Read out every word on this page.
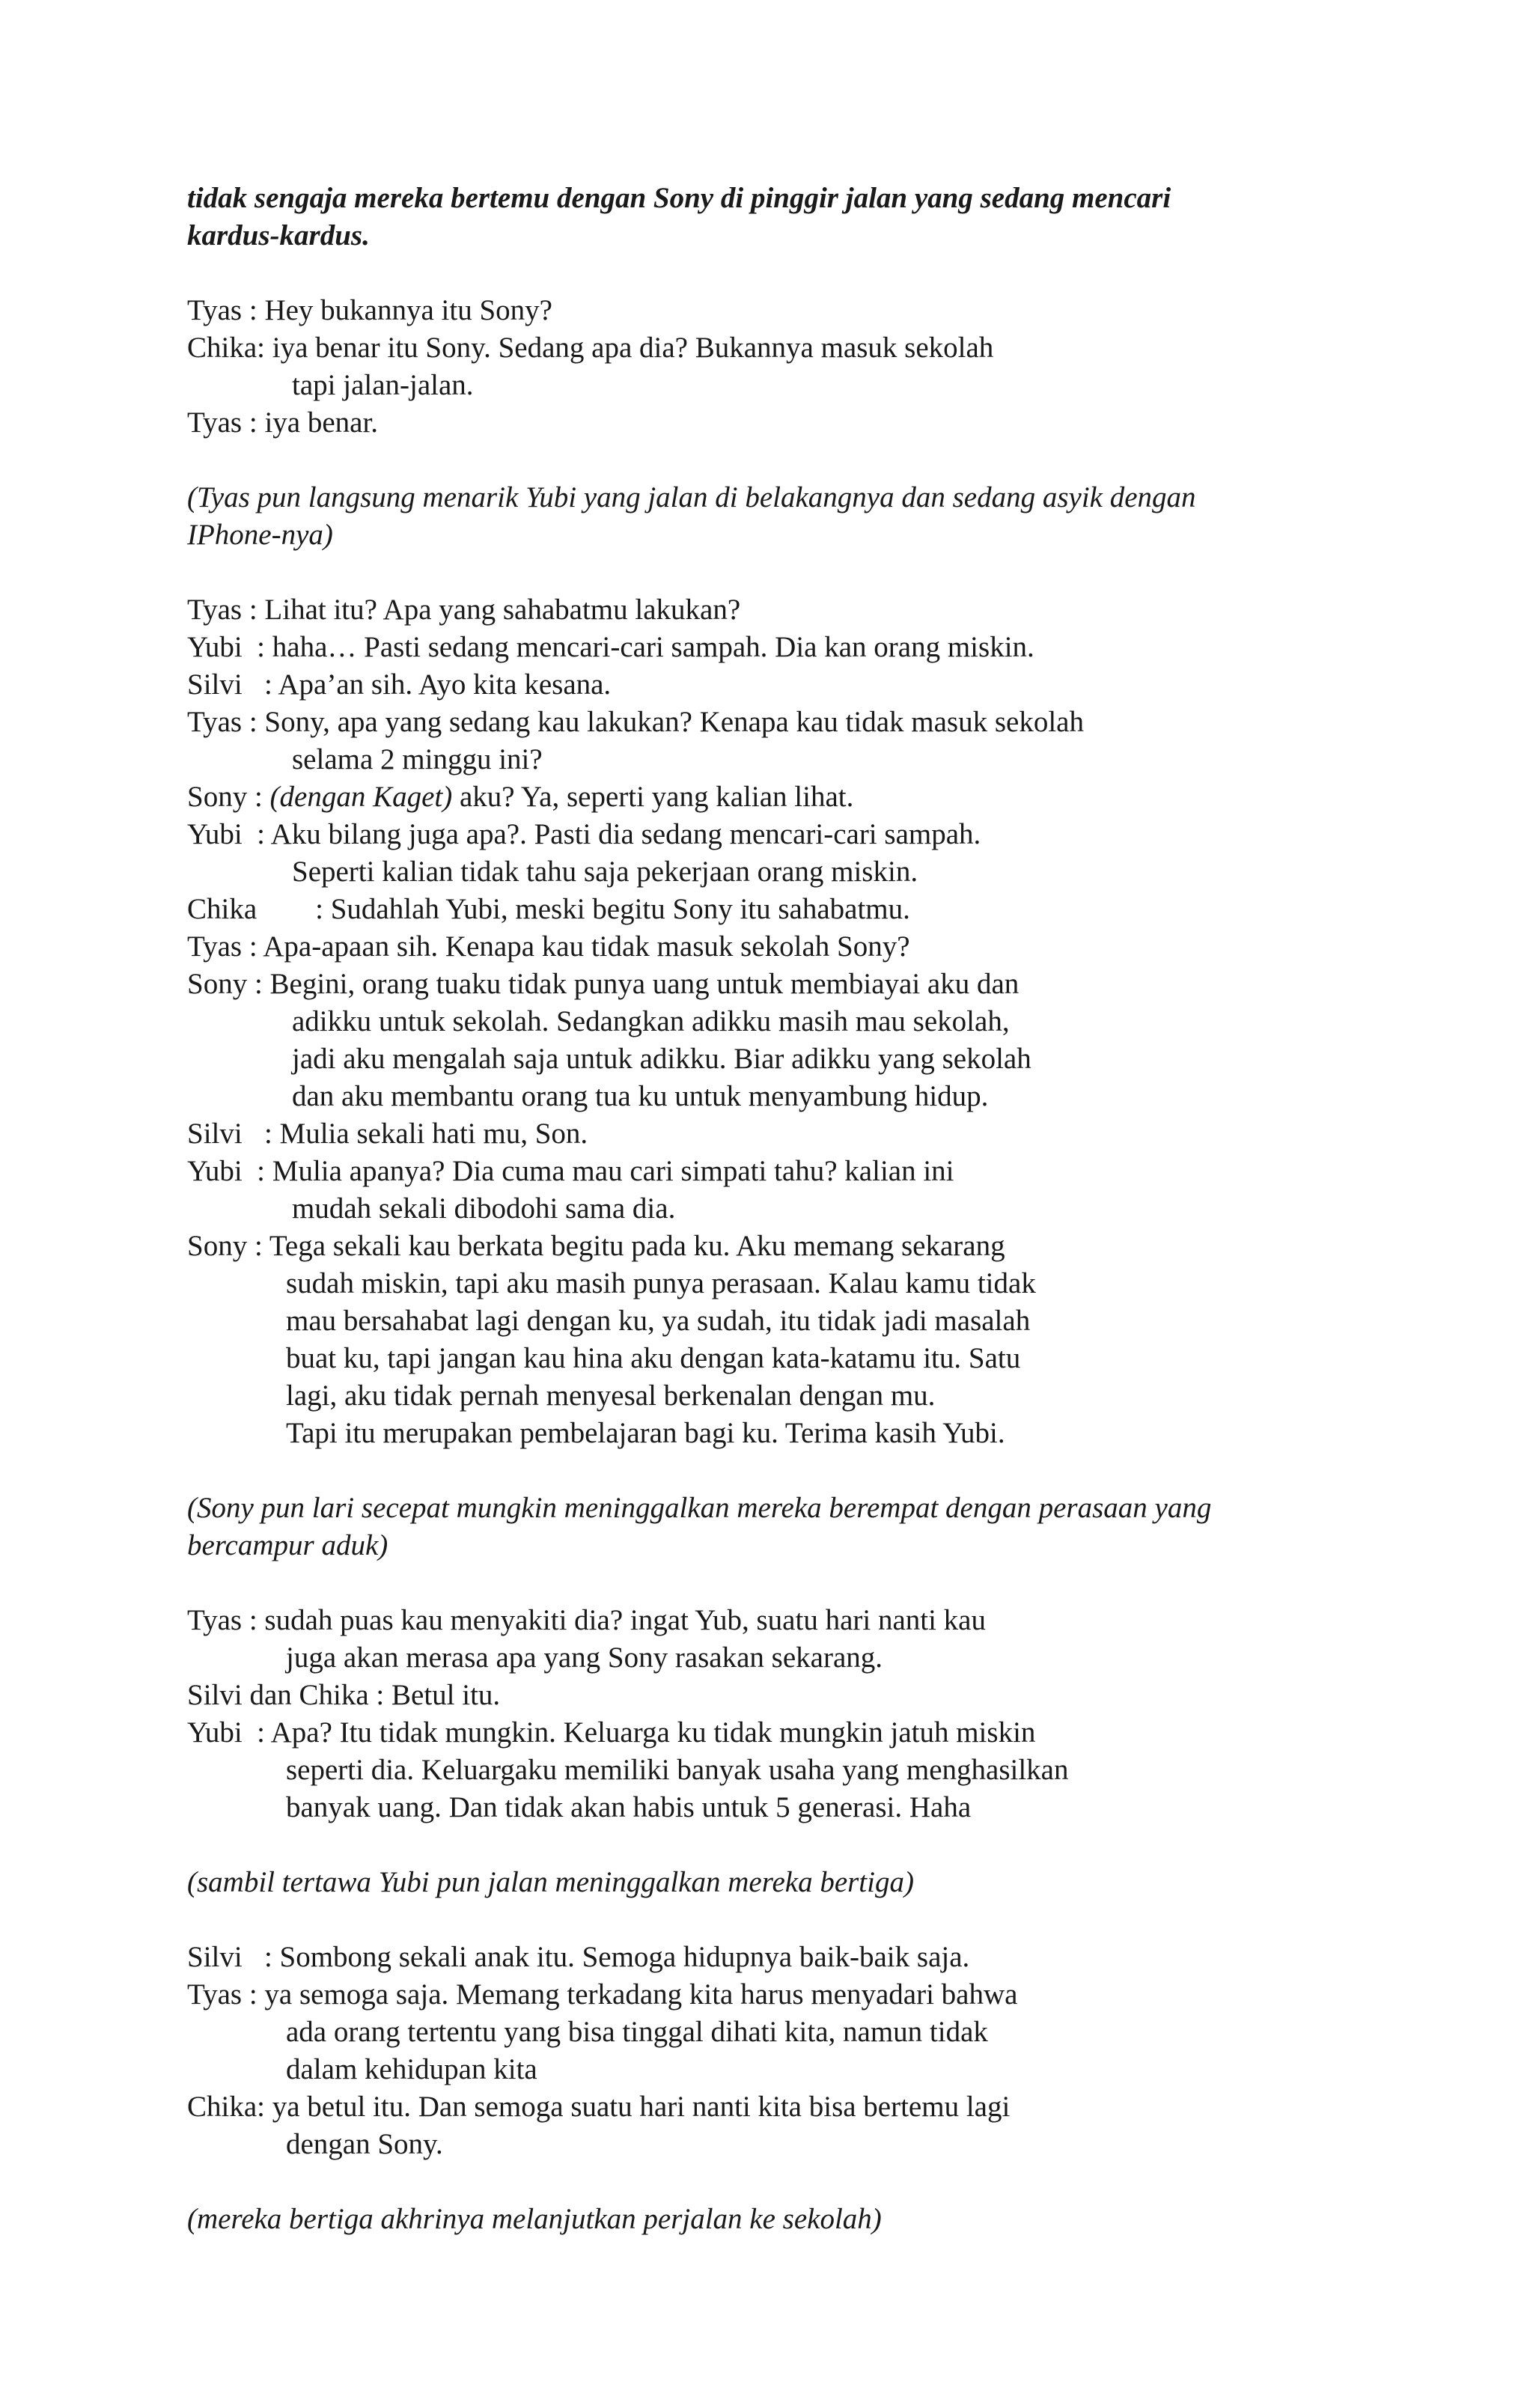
tidak sengaja mereka bertemu dengan Sony di pinggir jalan yang sedang mencari
kardus-kardus.
Tyas : Hey bukannya itu Sony?
Chika: iya benar itu Sony. Sedang apa dia? Bukannya masuk sekolah
tapi jalan-jalan.
Tyas : iya benar.
(Tyas pun langsung menarik Yubi yang jalan di belakangnya dan sedang asyik dengan
IPhone-nya)
Tyas : Lihat itu? Apa yang sahabatmu lakukan?
Yubi  : haha… Pasti sedang mencari-cari sampah. Dia kan orang miskin.
Silvi   : Apa’an sih. Ayo kita kesana.
Tyas : Sony, apa yang sedang kau lakukan? Kenapa kau tidak masuk sekolah
selama 2 minggu ini?
Sony : (dengan Kaget) aku? Ya, seperti yang kalian lihat.
Yubi  : Aku bilang juga apa?. Pasti dia sedang mencari-cari sampah.
Seperti kalian tidak tahu saja pekerjaan orang miskin.
Chika        : Sudahlah Yubi, meski begitu Sony itu sahabatmu.
Tyas : Apa-apaan sih. Kenapa kau tidak masuk sekolah Sony?
Sony : Begini, orang tuaku tidak punya uang untuk membiayai aku dan
adikku untuk sekolah. Sedangkan adikku masih mau sekolah,
jadi aku mengalah saja untuk adikku. Biar adikku yang sekolah
dan aku membantu orang tua ku untuk menyambung hidup.
Silvi   : Mulia sekali hati mu, Son.
Yubi  : Mulia apanya? Dia cuma mau cari simpati tahu? kalian ini
mudah sekali dibodohi sama dia.
Sony : Tega sekali kau berkata begitu pada ku. Aku memang sekarang
sudah miskin, tapi aku masih punya perasaan. Kalau kamu tidak
mau bersahabat lagi dengan ku, ya sudah, itu tidak jadi masalah
buat ku, tapi jangan kau hina aku dengan kata-katamu itu. Satu
lagi, aku tidak pernah menyesal berkenalan dengan mu.
Tapi itu merupakan pembelajaran bagi ku. Terima kasih Yubi.
(Sony pun lari secepat mungkin meninggalkan mereka berempat dengan perasaan yang
bercampur aduk)
Tyas : sudah puas kau menyakiti dia? ingat Yub, suatu hari nanti kau
juga akan merasa apa yang Sony rasakan sekarang.
Silvi dan Chika : Betul itu.
Yubi  : Apa? Itu tidak mungkin. Keluarga ku tidak mungkin jatuh miskin
seperti dia. Keluargaku memiliki banyak usaha yang menghasilkan
banyak uang. Dan tidak akan habis untuk 5 generasi. Haha
(sambil tertawa Yubi pun jalan meninggalkan mereka bertiga)
Silvi   : Sombong sekali anak itu. Semoga hidupnya baik-baik saja.
Tyas : ya semoga saja. Memang terkadang kita harus menyadari bahwa
ada orang tertentu yang bisa tinggal dihati kita, namun tidak
dalam kehidupan kita
Chika: ya betul itu. Dan semoga suatu hari nanti kita bisa bertemu lagi
dengan Sony.
(mereka bertiga akhrinya melanjutkan perjalan ke sekolah)
